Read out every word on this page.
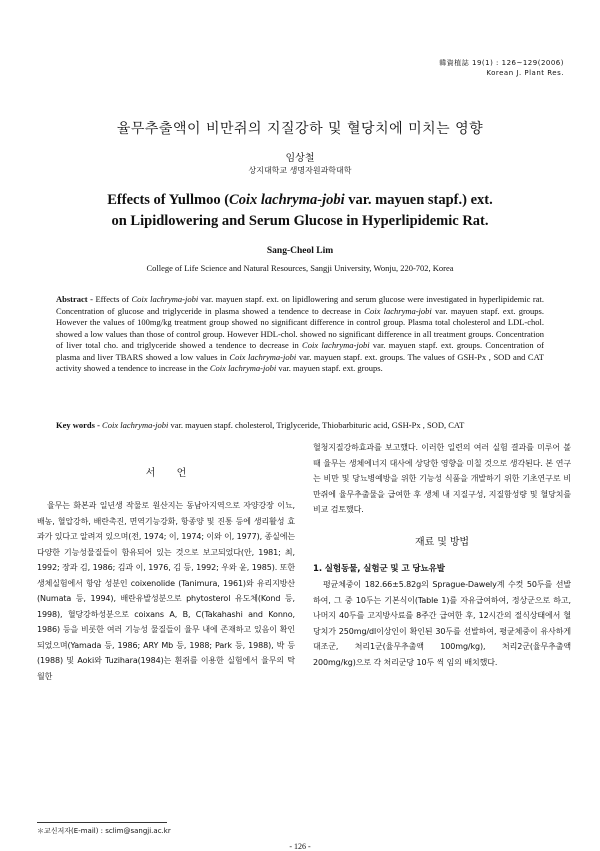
韓資植誌 19(1) : 126~129(2006)
Korean J. Plant Res.
율무추출액이 비만쥐의 지질강하 및 혈당치에 미치는 영향
임상철
상지대학교 생명자원과학대학
Effects of Yullmoo (Coix lachryma-jobi var. mayuen stapf.) ext.
on Lipidlowering and Serum Glucose in Hyperlipidemic Rat.
Sang-Cheol Lim
College of Life Science and Natural Resources, Sangji University, Wonju, 220-702, Korea
Abstract - Effects of Coix lachryma-jobi var. mayuen stapf. ext. on lipidlowering and serum glucose were investigated in hyperlipidemic rat. Concentration of glucose and triglyceride in plasma showed a tendence to decrease in Coix lachryma-jobi var. mayuen stapf. ext. groups. However the values of 100mg/kg treatment group showed no significant difference in control group. Plasma total cholesterol and LDL-chol. showed a low values than those of control group. However HDL-chol. showed no significant difference in all treatment groups. Concentration of liver total cho. and triglyceride showed a tendence to decrease in Coix lachryma-jobi var. mayuen stapf. ext. groups. Concentration of plasma and liver TBARS showed a low values in Coix lachryma-jobi var. mayuen stapf. ext. groups. The values of GSH-Px , SOD and CAT activity showed a tendence to increase in the Coix lachryma-jobi var. mayuen stapf. ext. groups.
Key words - Coix lachryma-jobi var. mayuen stapf. cholesterol, Triglyceride, Thiobarbituric acid, GSH-Px , SOD, CAT
서 언

율무는 화본과 일년생 작물로 원산지는 동남아지역으로 자양강장 이뇨, 배농, 혈압강하, 배란촉진, 면역기능강화, 항종양 및 진통 등에 생리활성 효과가 있다고 알려져 있으며(전, 1974; 이, 1974; 이와 이, 1977), 종실에는 다양한 기능성물질들이 함유되어 있는 것으로 보고되었다(안, 1981; 최, 1992; 장과 김, 1986; 김과 이, 1976, 김 등, 1992; 우와 윤, 1985). 또한 생체실험에서 항암 성분인 coixenolide (Tanimura, 1961)와 유리지방산(Numata 등, 1994), 배란유발성분으로 phytosterol 유도체(Kond 등, 1998), 혈당강하성분으로 coixans A, B, C(Takahashi and Konno, 1986) 등을 비롯한 여러 기능성 물질들이 율무 내에 존재하고 있음이 확인되었으며(Yamada 등, 1986; ARY Mb 등, 1988; Park 등, 1988), 박 등(1988) 및 Aoki와 Tuzihara(1984)는 흰쥐를 이용한 실험에서 율무의 탁월한

혈청지질강하효과를 보고했다. 이러한 일련의 여러 실험 결과를 미루어 볼 때 율무는 생체에너지 대사에 상당한 영향을 미칠 것으로 생각된다. 본 연구는 비만 및 당뇨병예방을 위한 기능성 식품을 개발하기 위한 기초연구로 비만쥐에 율무추출물을 급여한 후 생체 내 지질구성, 지질함성량 및 혈당치를 비교 검토했다.

재료 및 방법

1. 실험동물, 실험군 및 고 당뇨유발

평균체중이 182.66±5.82g의 Sprague-Dawely계 수컷 50두를 선발하여, 그 중 10두는 기본식이(Table 1)를 자유급여하여, 정상군으로 하고, 나머지 40두를 고지방사료를 8주간 급여한 후, 12시간의 절식상태에서 혈당치가 250mg/dl이상인이 확인된 30두를 선발하여, 평균체중이 유사하게 대조군, 처리1군(율무추출액 100mg/kg), 처리2군(율무추출액 200mg/kg)으로 각 처리군당 10두 씩 임의 배치했다.

＊교신저자(E-mail) : sclim@sangji.ac.kr
- 126 -
